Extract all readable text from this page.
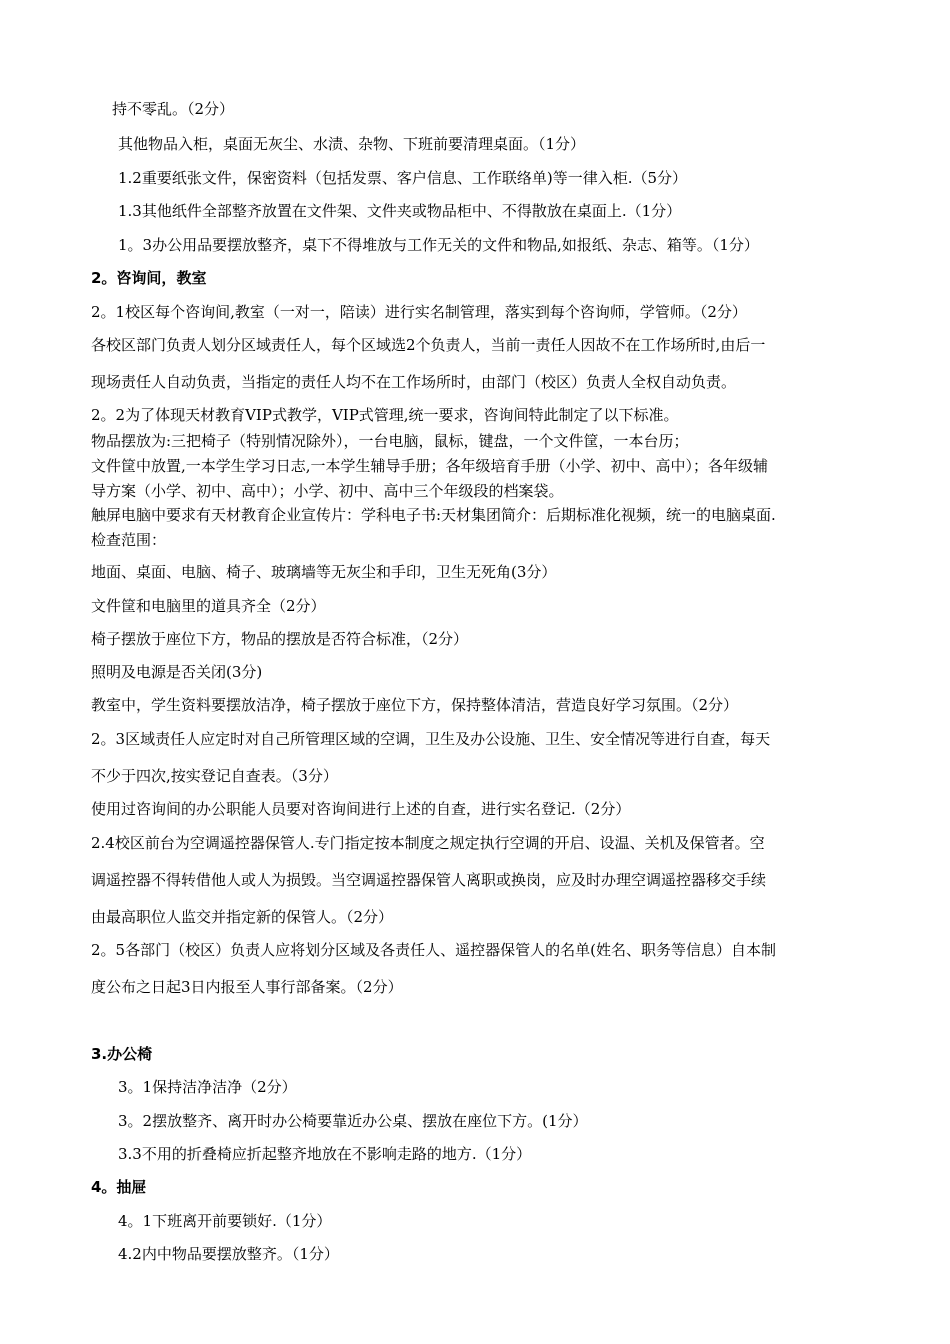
持不零乱。（2分）
其他物品入柜，桌面无灰尘、水渍、杂物、下班前要清理桌面。（1分）
1.2重要纸张文件，保密资料（包括发票、客户信息、工作联络单)等一律入柜.（5分）
1.3其他纸件全部整齐放置在文件架、文件夹或物品柜中、不得散放在桌面上.（1分）
1。3办公用品要摆放整齐，桌下不得堆放与工作无关的文件和物品,如报纸、杂志、箱等。（1分）
2。咨询间，教室
2。1校区每个咨询间,教室（一对一，陪读）进行实名制管理，落实到每个咨询师，学管师。（2分）
各校区部门负责人划分区域责任人，每个区域选2个负责人，当前一责任人因故不在工作场所时,由后一
现场责任人自动负责，当指定的责任人均不在工作场所时，由部门（校区）负责人全权自动负责。
2。2为了体现天材教育VIP式教学，VIP式管理,统一要求，咨询间特此制定了以下标准。
物品摆放为:三把椅子（特别情况除外），一台电脑，鼠标，键盘，一个文件筐，一本台历；
文件筐中放置,一本学生学习日志,一本学生辅导手册；各年级培育手册（小学、初中、高中）；各年级辅
导方案（小学、初中、高中）；小学、初中、高中三个年级段的档案袋。
触屏电脑中要求有天材教育企业宣传片：学科电子书:天材集团简介：后期标准化视频，统一的电脑桌面.
检查范围：
地面、桌面、电脑、椅子、玻璃墙等无灰尘和手印，卫生无死角(3分）
文件筐和电脑里的道具齐全（2分）
椅子摆放于座位下方，物品的摆放是否符合标准，（2分）
照明及电源是否关闭(3分)
教室中，学生资料要摆放洁净，椅子摆放于座位下方，保持整体清洁，营造良好学习氛围。（2分）
2。3区域责任人应定时对自己所管理区域的空调，卫生及办公设施、卫生、安全情况等进行自查，每天
不少于四次,按实登记自查表。（3分）
使用过咨询间的办公职能人员要对咨询间进行上述的自查，进行实名登记.（2分）
2.4校区前台为空调遥控器保管人.专门指定按本制度之规定执行空调的开启、设温、关机及保管者。空
调遥控器不得转借他人或人为损毁。当空调遥控器保管人离职或换岗，应及时办理空调遥控器移交手续
由最高职位人监交并指定新的保管人。（2分）
2。5各部门（校区）负责人应将划分区域及各责任人、遥控器保管人的名单(姓名、职务等信息）自本制
度公布之日起3日内报至人事行部备案。（2分）
3.办公椅
3。1保持洁净洁净（2分）
3。2摆放整齐、离开时办公椅要靠近办公桌、摆放在座位下方。(1分）
3.3不用的折叠椅应折起整齐地放在不影响走路的地方.（1分）
4。抽屉
4。1下班离开前要锁好.（1分）
4.2内中物品要摆放整齐。（1分）
